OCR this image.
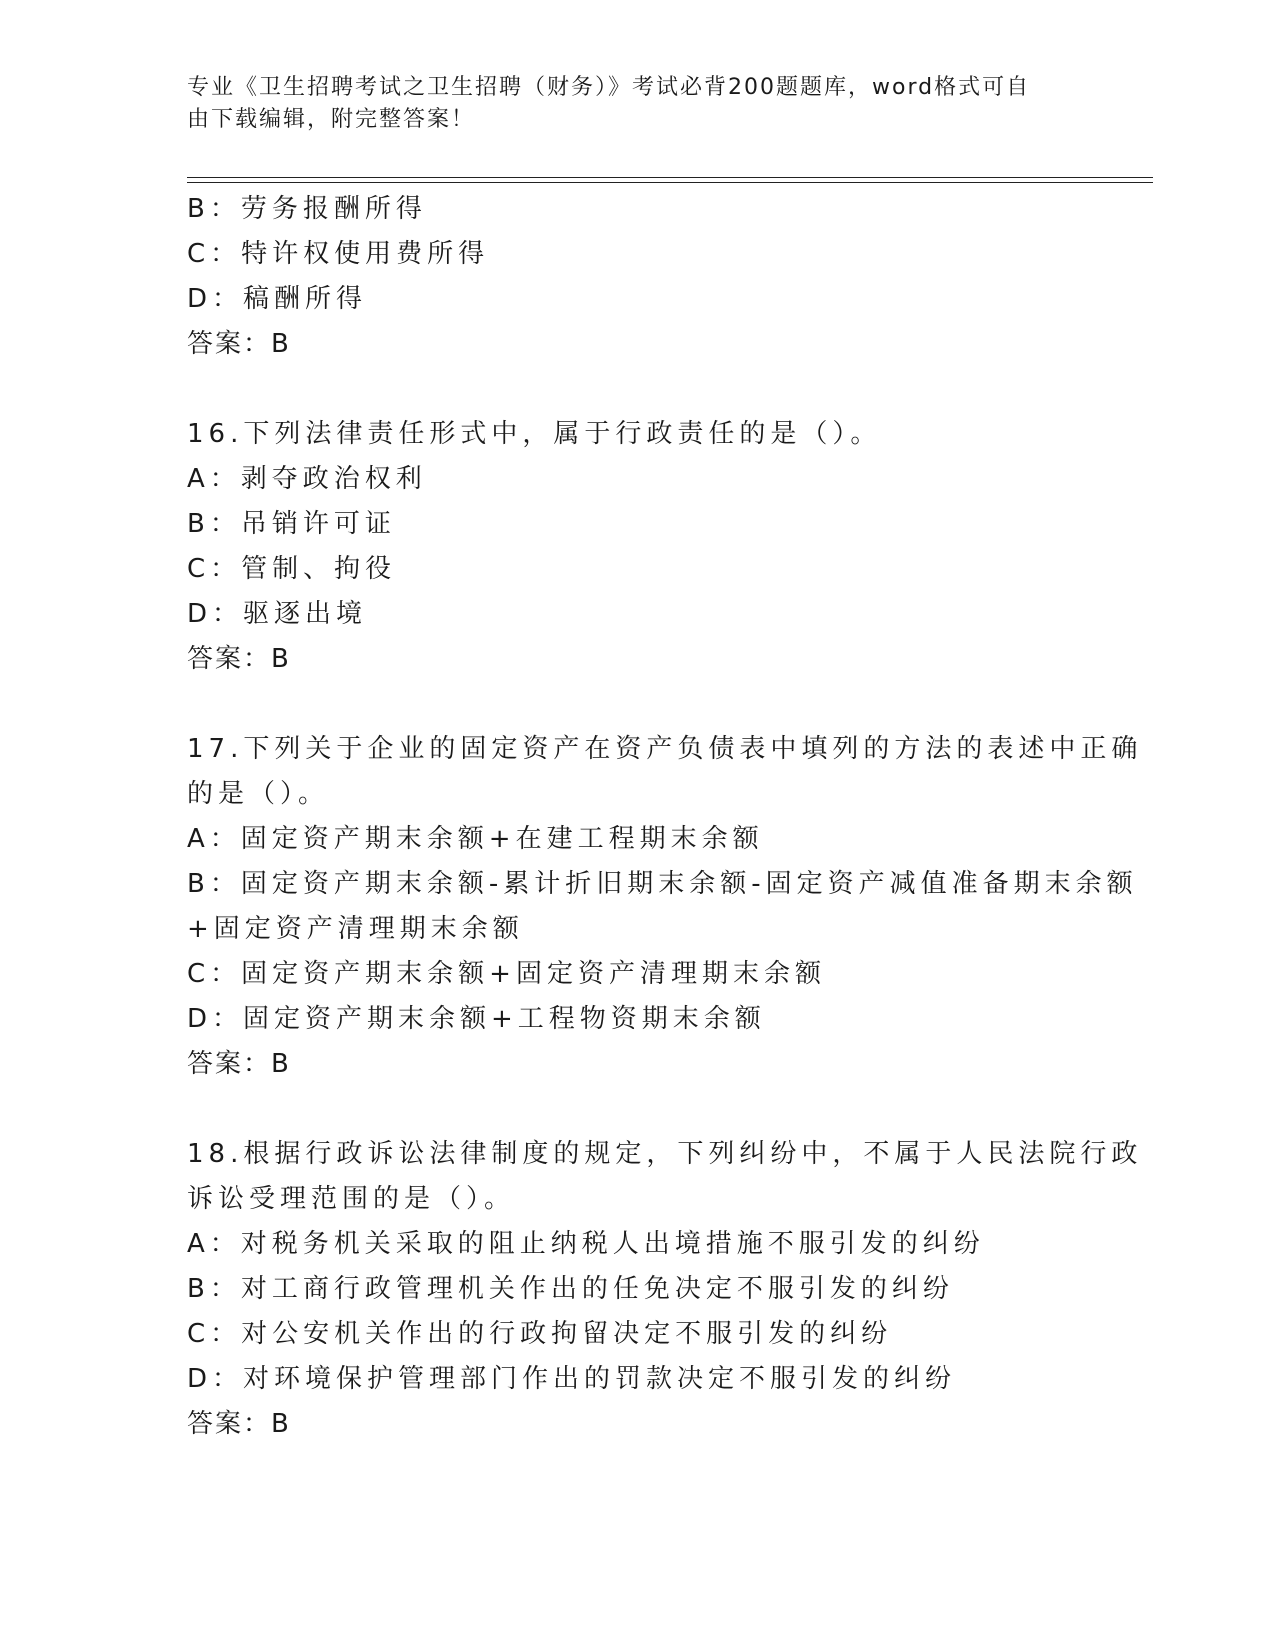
专业《卫生招聘考试之卫生招聘（财务）》考试必背200题题库，word格式可自
由下载编辑，附完整答案！
B：劳务报酬所得
C：特许权使用费所得
D：稿酬所得
答案：B
16.下列法律责任形式中，属于行政责任的是（）。
A：剥夺政治权利
B：吊销许可证
C：管制、拘役
D：驱逐出境
答案：B
17.下列关于企业的固定资产在资产负债表中填列的方法的表述中正确
的是（）。
A：固定资产期末余额+在建工程期末余额
B：固定资产期末余额-累计折旧期末余额-固定资产减值准备期末余额
+固定资产清理期末余额
C：固定资产期末余额+固定资产清理期末余额
D：固定资产期末余额+工程物资期末余额
答案：B
18.根据行政诉讼法律制度的规定，下列纠纷中，不属于人民法院行政
诉讼受理范围的是（）。
A：对税务机关采取的阻止纳税人出境措施不服引发的纠纷
B：对工商行政管理机关作出的任免决定不服引发的纠纷
C：对公安机关作出的行政拘留决定不服引发的纠纷
D：对环境保护管理部门作出的罚款决定不服引发的纠纷
答案：B
